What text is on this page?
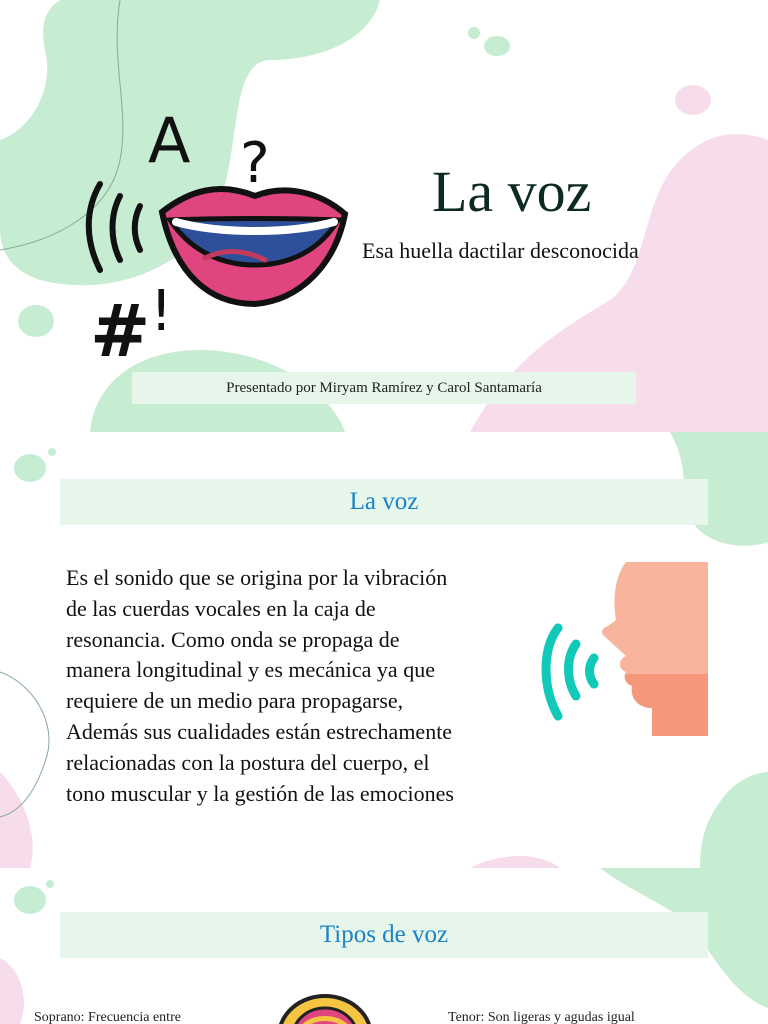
A ?
# !
La voz

Esa huella dactilar desconocida

Presentado por Miryam Ramírez y Carol Santamaría
La voz

Es el sonido que se origina por la vibración de las cuerdas vocales en la caja de resonancia. Como onda se propaga de manera longitudinal y es mecánica ya que requiere de un medio para propagarse, Además sus cualidades están estrechamente relacionadas con la postura del cuerpo, el tono muscular y la gestión de las emociones

Tipos de voz

Soprano: Frecuencia entre	Tenor: Son ligeras y agudas igual
